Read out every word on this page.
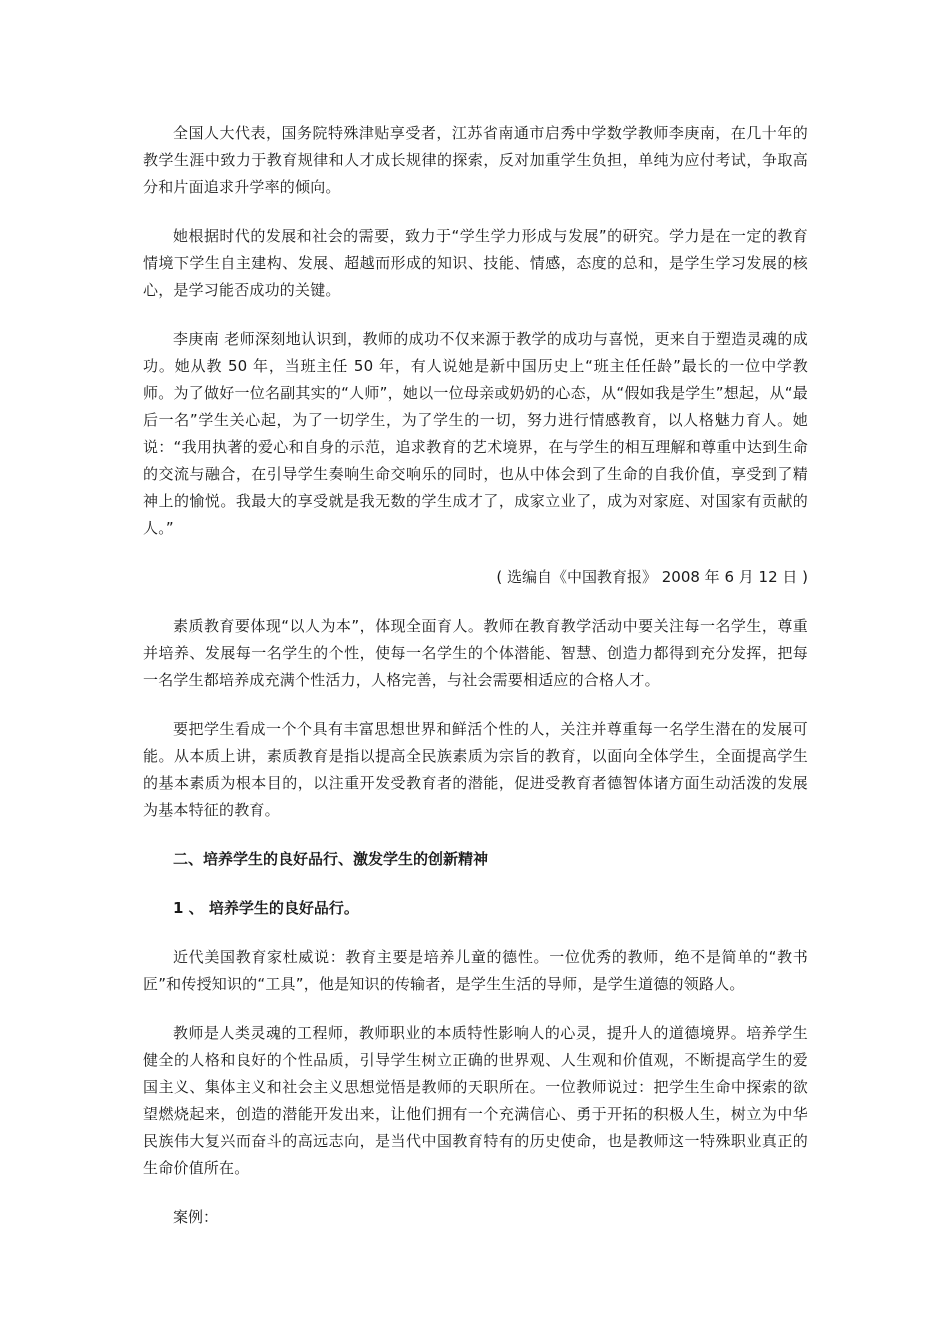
全国人大代表，国务院特殊津贴享受者，江苏省南通市启秀中学数学教师李庚南，在几十年的教学生涯中致力于教育规律和人才成长规律的探索，反对加重学生负担，单纯为应付考试，争取高分和片面追求升学率的倾向。

她根据时代的发展和社会的需要，致力于“学生学力形成与发展”的研究。学力是在一定的教育情境下学生自主建构、发展、超越而形成的知识、技能、情感，态度的总和，是学生学习发展的核心，是学习能否成功的关键。

李庚南 老师深刻地认识到，教师的成功不仅来源于教学的成功与喜悦，更来自于塑造灵魂的成功。她从教 50 年，当班主任 50 年，有人说她是新中国历史上“班主任任龄”最长的一位中学教师。为了做好一位名副其实的“人师”，她以一位母亲或奶奶的心态，从“假如我是学生”想起，从“最后一名”学生关心起，为了一切学生，为了学生的一切，努力进行情感教育，以人格魅力育人。她说：“我用执著的爱心和自身的示范，追求教育的艺术境界，在与学生的相互理解和尊重中达到生命的交流与融合，在引导学生奏响生命交响乐的同时，也从中体会到了生命的自我价值，享受到了精神上的愉悦。我最大的享受就是我无数的学生成才了，成家立业了，成为对家庭、对国家有贡献的人。”

( 选编自《中国教育报》 2008 年 6 月 12 日 )

素质教育要体现“以人为本”，体现全面育人。教师在教育教学活动中要关注每一名学生，尊重并培养、发展每一名学生的个性，使每一名学生的个体潜能、智慧、创造力都得到充分发挥，把每一名学生都培养成充满个性活力，人格完善，与社会需要相适应的合格人才。

要把学生看成一个个具有丰富思想世界和鲜活个性的人，关注并尊重每一名学生潜在的发展可能。从本质上讲，素质教育是指以提高全民族素质为宗旨的教育，以面向全体学生，全面提高学生的基本素质为根本目的，以注重开发受教育者的潜能，促进受教育者德智体诸方面生动活泼的发展为基本特征的教育。

二、培养学生的良好品行、激发学生的创新精神

1 、 培养学生的良好品行。

近代美国教育家杜威说：教育主要是培养儿童的德性。一位优秀的教师，绝不是简单的“教书匠”和传授知识的“工具”，他是知识的传输者，是学生生活的导师，是学生道德的领路人。

教师是人类灵魂的工程师，教师职业的本质特性影响人的心灵，提升人的道德境界。培养学生健全的人格和良好的个性品质，引导学生树立正确的世界观、人生观和价值观，不断提高学生的爱国主义、集体主义和社会主义思想觉悟是教师的天职所在。一位教师说过：把学生生命中探索的欲望燃烧起来，创造的潜能开发出来，让他们拥有一个充满信心、勇于开拓的积极人生，树立为中华民族伟大复兴而奋斗的高远志向，是当代中国教育特有的历史使命，也是教师这一特殊职业真正的生命价值所在。

案例：
